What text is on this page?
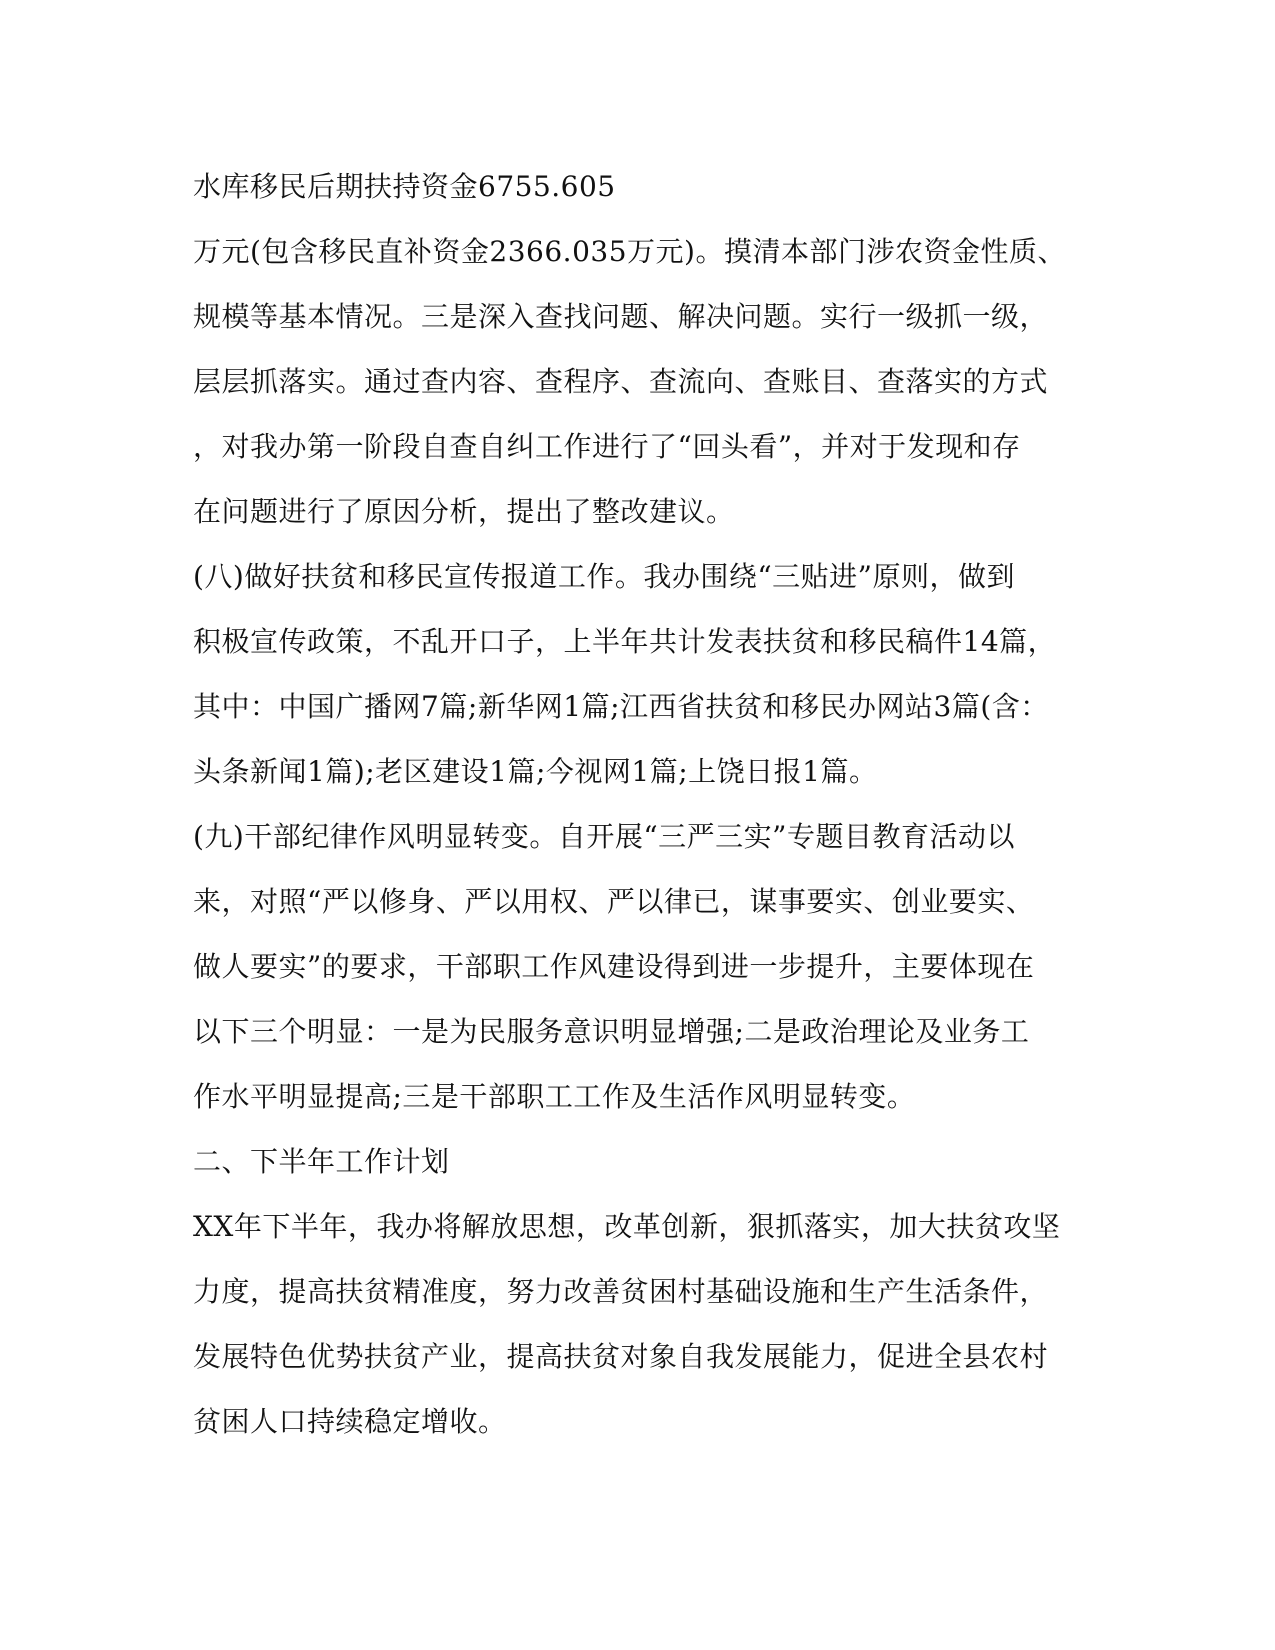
水库移民后期扶持资金6755.605
万元(包含移民直补资金2366.035万元)。摸清本部门涉农资金性质、
规模等基本情况。三是深入查找问题、解决问题。实行一级抓一级，
层层抓落实。通过查内容、查程序、查流向、查账目、查落实的方式
，对我办第一阶段自查自纠工作进行了“回头看”，并对于发现和存
在问题进行了原因分析，提出了整改建议。
(八)做好扶贫和移民宣传报道工作。我办围绕“三贴进”原则，做到
积极宣传政策，不乱开口子，上半年共计发表扶贫和移民稿件14篇，
其中：中国广播网7篇;新华网1篇;江西省扶贫和移民办网站3篇(含：
头条新闻1篇);老区建设1篇;今视网1篇;上饶日报1篇。
(九)干部纪律作风明显转变。自开展“三严三实”专题目教育活动以
来，对照“严以修身、严以用权、严以律已，谋事要实、创业要实、
做人要实”的要求，干部职工作风建设得到进一步提升，主要体现在
以下三个明显：一是为民服务意识明显增强;二是政治理论及业务工
作水平明显提高;三是干部职工工作及生活作风明显转变。
二、下半年工作计划
XX年下半年，我办将解放思想，改革创新，狠抓落实，加大扶贫攻坚
力度，提高扶贫精准度，努力改善贫困村基础设施和生产生活条件，
发展特色优势扶贫产业，提高扶贫对象自我发展能力，促进全县农村
贫困人口持续稳定增收。
